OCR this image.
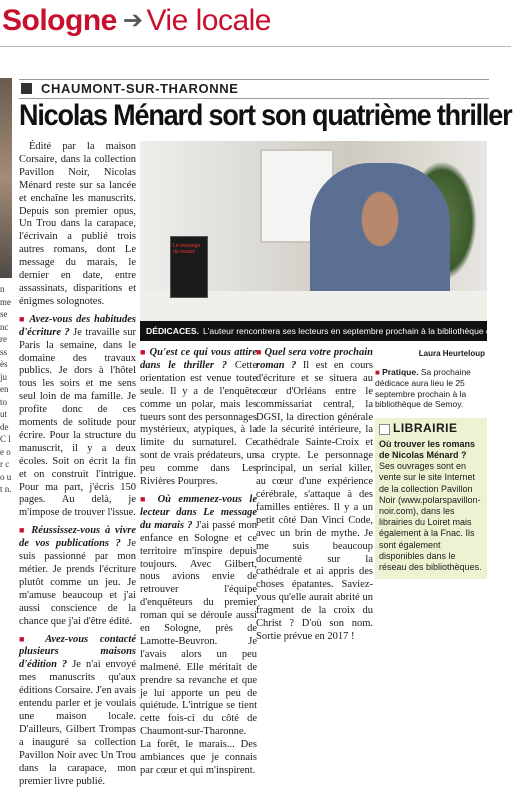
Sologne ➔ Vie locale
n me se nc re ss ès ju en to ut de C le or co ut n.
CHAUMONT-SUR-THARONNE
Nicolas Ménard sort son quatrième thriller

Édité par la maison Corsaire, dans la collection Pavillon Noir, Nicolas Ménard reste sur sa lancée et enchaîne les manuscrits. Depuis son premier opus, Un Trou dans la carapace, l'écrivain a publié trois autres romans, dont Le message du marais, le dernier en date, entre assassinats, disparitions et énigmes solognotes.

■ Avez-vous des habitudes d'écriture ? Je travaille sur Paris la semaine, dans le domaine des travaux publics. Je dors à l'hôtel tous les soirs et me sens seul loin de ma famille. Je profite donc de ces moments de solitude pour écrire. Pour la structure du manuscrit, il y a deux écoles. Soit on écrit la fin et on construit l'intrigue. Pour ma part, j'écris 150 pages. Au delà, je m'impose de trouver l'issue.

■ Réussissez-vous à vivre de vos publications ? Je suis passionné par mon métier. Je prends l'écriture plutôt comme un jeu. Je m'amuse beaucoup et j'ai aussi conscience de la chance que j'ai d'être édité.

■ Avez-vous contacté plusieurs maisons d'édition ? Je n'ai envoyé mes manuscrits qu'aux éditions Corsaire. J'en avais entendu parler et je voulais une maison locale. D'ailleurs, Gilbert Trompas a inauguré sa collection Pavillon Noir avec Un Trou dans la carapace, mon premier livre publié.

Le message du marais
DÉDICACES. L'auteur rencontrera ses lecteurs en septembre prochain à la bibliothèque de Semoy.

■ Qu'est ce qui vous attire dans le thriller ? Cette orientation est venue toute seule. Il y a de l'enquête comme un polar, mais les tueurs sont des personnages mystérieux, atypiques, à la limite du surnaturel. Ce sont de vrais prédateurs, un peu comme dans Les Rivières Pourpres.

■ Où emmenez-vous le lecteur dans Le message du marais ? J'ai passé mon enfance en Sologne et ce territoire m'inspire depuis toujours. Avec Gilbert, nous avions envie de retrouver l'équipe d'enquêteurs du premier roman qui se déroule aussi en Sologne, près de Lamotte-Beuvron. Je l'avais alors un peu malmené. Elle méritait de prendre sa revanche et que je lui apporte un peu de quiétude. L'intrigue se tient cette fois-ci du côté de Chaumont-sur-Tharonne. La forêt, le marais... Des ambiances que je connais par cœur et qui m'inspirent.

■ Quel sera votre prochain roman ? Il est en cours d'écriture et se situera au cœur d'Orléans entre le commissariat central, la DGSI, la direction générale de la sécurité intérieure, la cathédrale Sainte-Croix et sa crypte. Le personnage principal, un serial killer, au cœur d'une expérience cérébrale, s'attaque à des familles entières. Il y a un petit côté Dan Vinci Code, avec un brin de mythe. Je me suis beaucoup documenté sur la cathédrale et ai appris des choses épatantes. Saviez-vous qu'elle aurait abrité un fragment de la croix du Christ ? D'où son nom. Sortie prévue en 2017 !

Laura Heurteloup
■ Pratique. Sa prochaine dédicace aura lieu le 25 septembre prochain à la bibliothèque de Semoy.
LIBRAIRIE
Où trouver les romans de Nicolas Ménard ? Ses ouvrages sont en vente sur le site Internet de la collection Pavillon Noir (www.polarspavillon-noir.com), dans les librairies du Loiret mais également à la Fnac. Ils sont également disponibles dans le réseau des bibliothèques.
